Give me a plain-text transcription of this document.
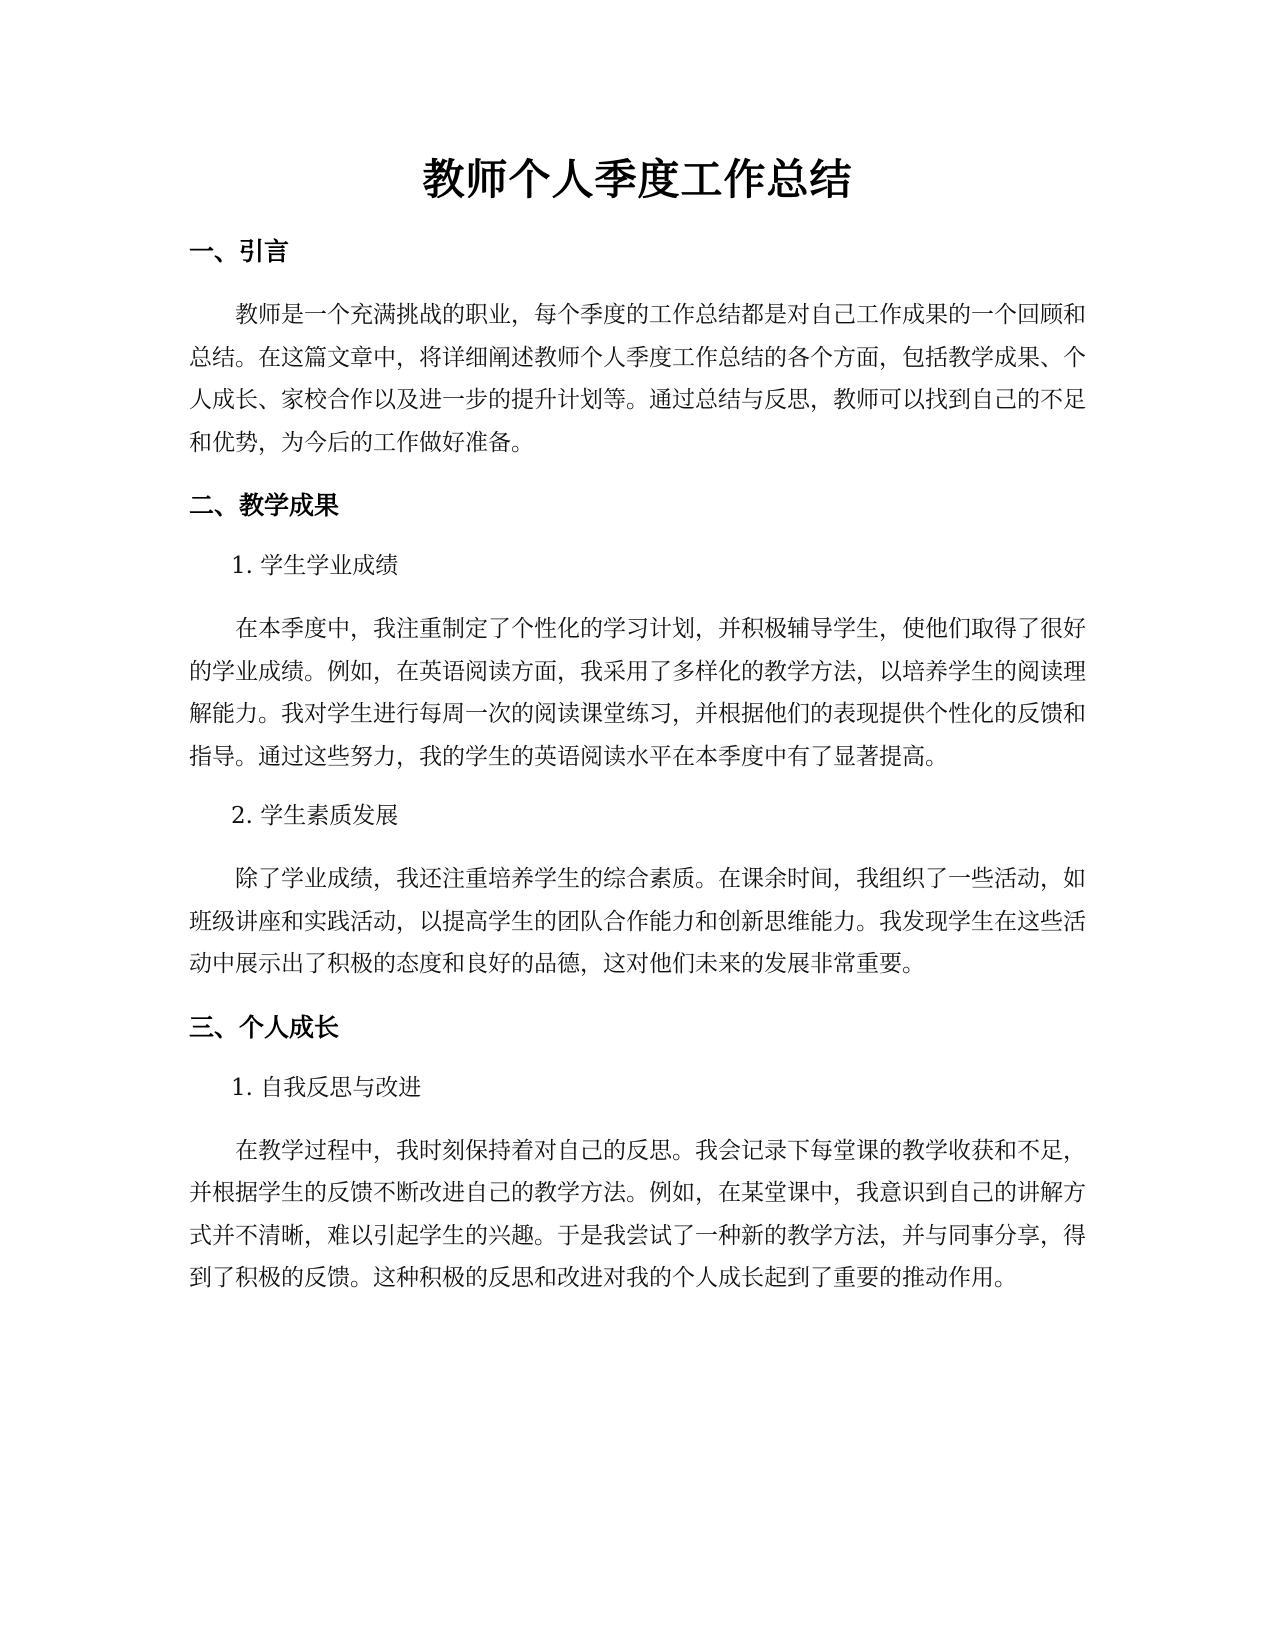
教师个人季度工作总结
一、引言

教师是一个充满挑战的职业，每个季度的工作总结都是对自己工作成果的一个回顾和总结。在这篇文章中，将详细阐述教师个人季度工作总结的各个方面，包括教学成果、个人成长、家校合作以及进一步的提升计划等。通过总结与反思，教师可以找到自己的不足和优势，为今后的工作做好准备。

二、教学成果

1. 学生学业成绩

在本季度中，我注重制定了个性化的学习计划，并积极辅导学生，使他们取得了很好的学业成绩。例如，在英语阅读方面，我采用了多样化的教学方法，以培养学生的阅读理解能力。我对学生进行每周一次的阅读课堂练习，并根据他们的表现提供个性化的反馈和指导。通过这些努力，我的学生的英语阅读水平在本季度中有了显著提高。

2. 学生素质发展

除了学业成绩，我还注重培养学生的综合素质。在课余时间，我组织了一些活动，如班级讲座和实践活动，以提高学生的团队合作能力和创新思维能力。我发现学生在这些活动中展示出了积极的态度和良好的品德，这对他们未来的发展非常重要。

三、个人成长

1. 自我反思与改进

在教学过程中，我时刻保持着对自己的反思。我会记录下每堂课的教学收获和不足，并根据学生的反馈不断改进自己的教学方法。例如，在某堂课中，我意识到自己的讲解方式并不清晰，难以引起学生的兴趣。于是我尝试了一种新的教学方法，并与同事分享，得到了积极的反馈。这种积极的反思和改进对我的个人成长起到了重要的推动作用。
